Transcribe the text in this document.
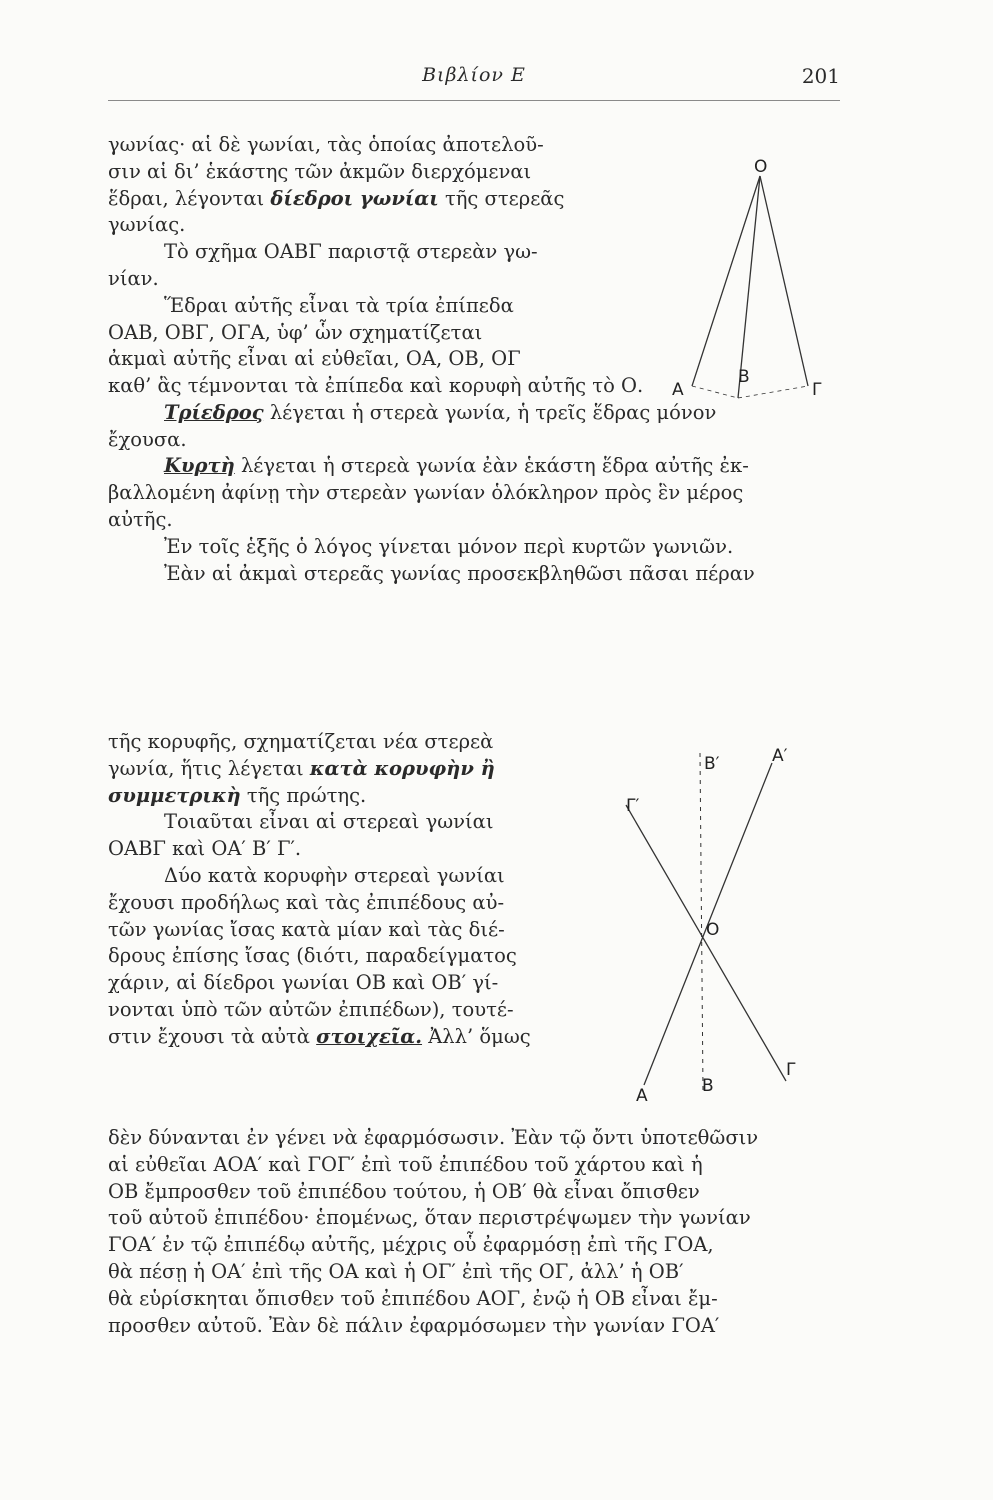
Βιβλίον Ε	201
γωνίας· αἱ δὲ γωνίαι, τὰς ὁποίας ἀποτελοῦ-
σιν αἱ δι’ ἑκάστης τῶν ἀκμῶν διερχόμεναι
ἕδραι, λέγονται δίεδροι γωνίαι τῆς στερεᾶς
γωνίας.
Τὸ σχῆμα ΟΑΒΓ παριστᾷ στερεὰν γω-
νίαν.
Ἕδραι αὐτῆς εἶναι τὰ τρία ἐπίπεδα
ΟΑΒ, ΟΒΓ, ΟΓΑ, ὑφ’ ὧν σχηματίζεται
ἀκμαὶ αὐτῆς εἶναι αἱ εὐθεῖαι, ΟΑ, ΟΒ, ΟΓ
καθ’ ἃς τέμνονται τὰ ἐπίπεδα καὶ κορυφὴ αὐτῆς τὸ Ο.
Τρίεδρος λέγεται ἡ στερεὰ γωνία, ἡ τρεῖς ἕδρας μόνον
ἔχουσα.
Κυρτὴ λέγεται ἡ στερεὰ γωνία ἐὰν ἑκάστη ἕδρα αὐτῆς ἐκ-
βαλλομένη ἀφίνῃ τὴν στερεὰν γωνίαν ὁλόκληρον πρὸς ἓν μέρος
αὐτῆς.
Ἐν τοῖς ἑξῆς ὁ λόγος γίνεται μόνον περὶ κυρτῶν γωνιῶν.
Ἐὰν αἱ ἀκμαὶ στερεᾶς γωνίας προσεκβληθῶσι πᾶσαι πέραν
τῆς κορυφῆς, σχηματίζεται νέα στερεὰ
γωνία, ἥτις λέγεται κατὰ κορυφὴν ἢ
συμμετρικὴ τῆς πρώτης.
Τοιαῦται εἶναι αἱ στερεαὶ γωνίαι
ΟΑΒΓ καὶ ΟΑ′ Β′ Γ′.
Δύο κατὰ κορυφὴν στερεαὶ γωνίαι
ἔχουσι προδήλως καὶ τὰς ἐπιπέδους αὐ-
τῶν γωνίας ἴσας κατὰ μίαν καὶ τὰς διέ-
δρους ἐπίσης ἴσας (διότι, παραδείγματος
χάριν, αἱ δίεδροι γωνίαι ΟΒ καὶ ΟΒ′ γί-
νονται ὑπὸ τῶν αὐτῶν ἐπιπέδων), τουτέ-
στιν ἔχουσι τὰ αὐτὰ στοιχεῖα. Ἀλλ’ ὅμως
δὲν δύνανται ἐν γένει νὰ ἐφαρμόσωσιν. Ἐὰν τῷ ὄντι ὑποτεθῶσιν
αἱ εὐθεῖαι ΑΟΑ′ καὶ ΓΟΓ′ ἐπὶ τοῦ ἐπιπέδου τοῦ χάρτου καὶ ἡ
ΟΒ ἔμπροσθεν τοῦ ἐπιπέδου τούτου, ἡ ΟΒ′ θὰ εἶναι ὄπισθεν
τοῦ αὐτοῦ ἐπιπέδου· ἑπομένως, ὅταν περιστρέψωμεν τὴν γωνίαν
ΓΟΑ′ ἐν τῷ ἐπιπέδῳ αὐτῆς, μέχρις οὗ ἐφαρμόσῃ ἐπὶ τῆς ΓΟΑ,
θὰ πέσῃ ἡ ΟΑ′ ἐπὶ τῆς ΟΑ καὶ ἡ ΟΓ′ ἐπὶ τῆς ΟΓ, ἀλλ’ ἡ ΟΒ′
θὰ εὑρίσκηται ὄπισθεν τοῦ ἐπιπέδου ΑΟΓ, ἐνῷ ἡ ΟΒ εἶναι ἔμ-
προσθεν αὐτοῦ. Ἐὰν δὲ πάλιν ἐφαρμόσωμεν τὴν γωνίαν ΓΟΑ′
Ο
Α
Β
Γ
Β′	Α′
Γ′
Ο
Α	Β
Γ
